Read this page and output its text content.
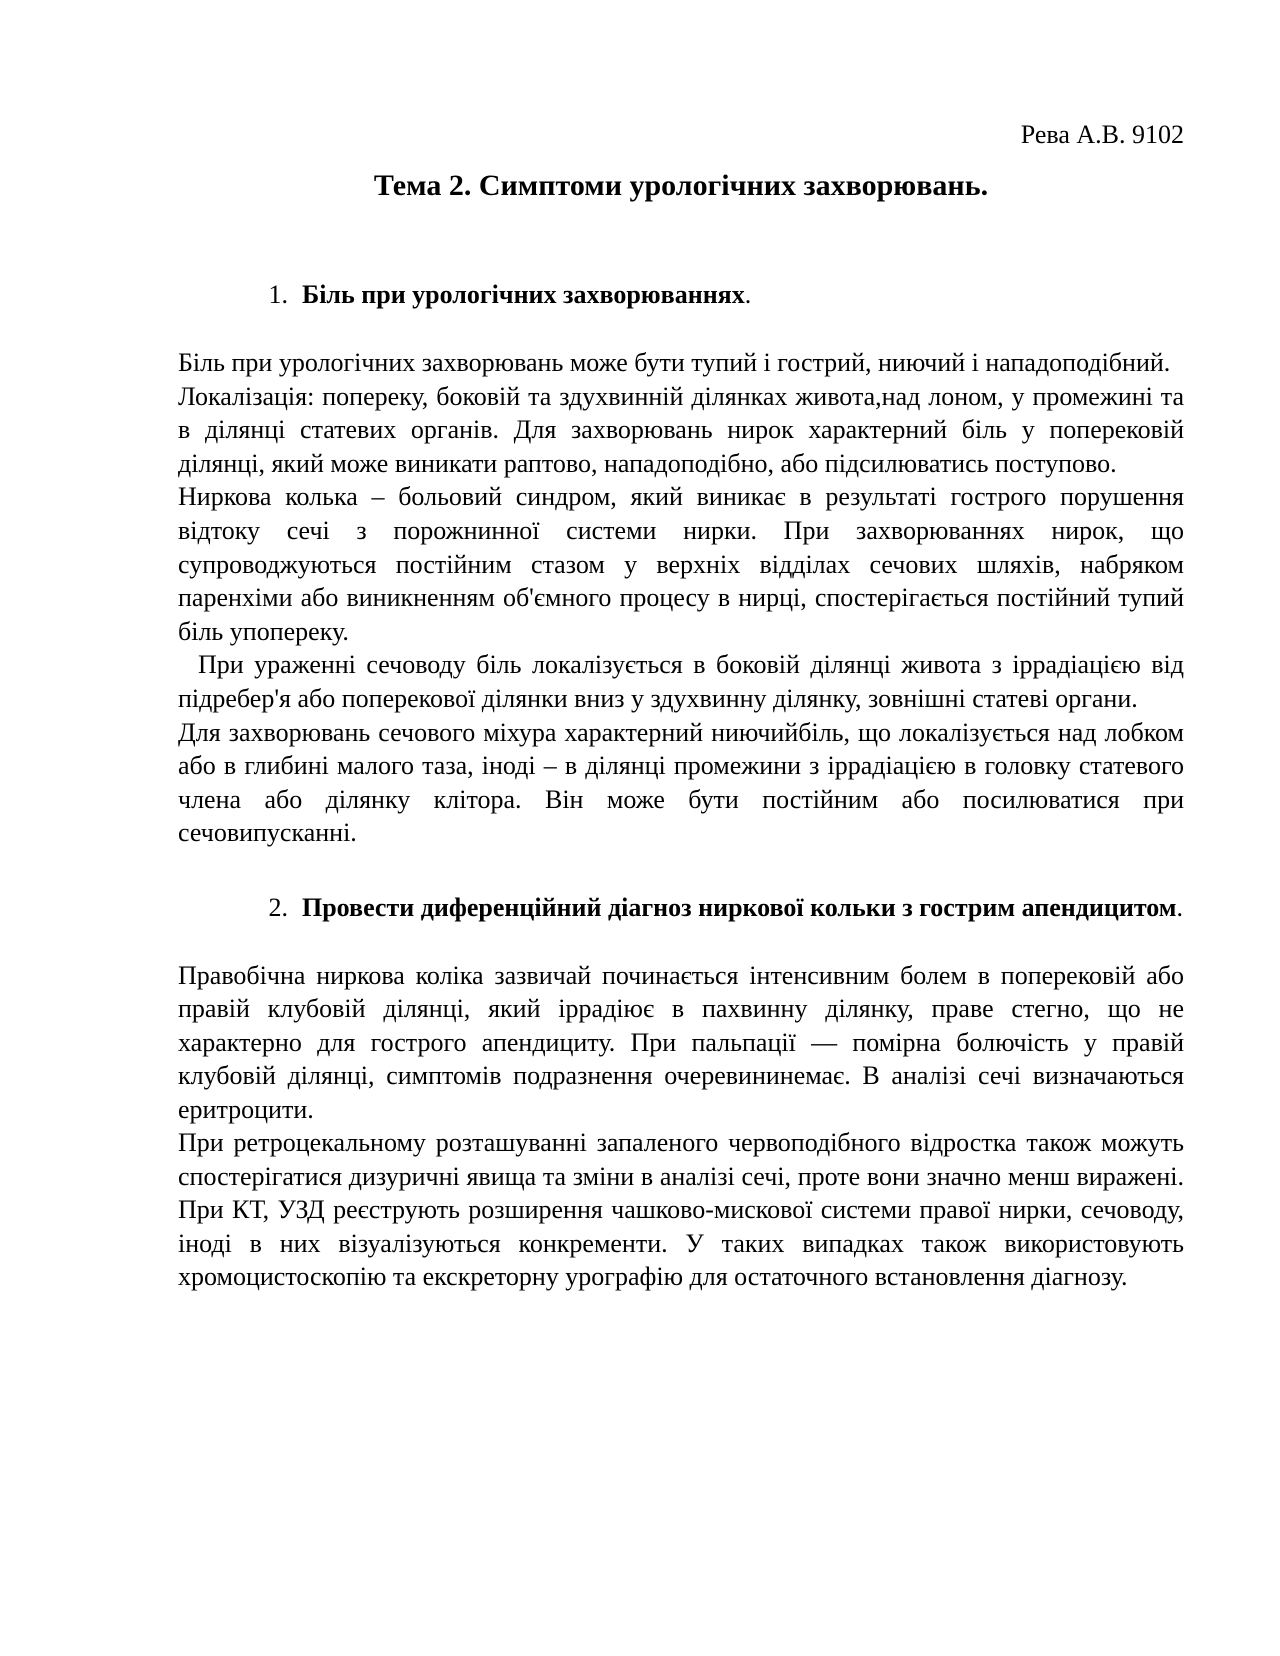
Рева А.В. 9102

Тема 2. Симптоми урологічних захворювань.
1. Біль при урологічних захворюваннях.

Біль при урологічних захворювань може бути тупий і гострий, ниючий і нападоподібний.

Локалізація: попереку, боковій та здухвинній ділянках живота,над лоном, у промежині та в ділянці статевих органів. Для захворювань нирок характерний біль у поперековій ділянці, який може виникати раптово, нападоподібно, або підсилюватись поступово.

Ниркова колька – больовий синдром, який виникає в результаті гострого порушення відтоку сечі з порожнинної системи нирки. При захворюваннях нирок, що супроводжуються постійним стазом у верхніх відділах сечових шляхів, набряком паренхіми або виникненням об'ємного процесу в нирці, спостерігається постійний тупий біль упопереку.

При ураженні сечоводу біль локалізується в боковій ділянці живота з іррадіацією від підребер'я або поперекової ділянки вниз у здухвинну ділянку, зовнішні статеві органи.

Для захворювань сечового міхура характерний ниючийбіль, що локалізується над лобком або в глибині малого таза, іноді – в ділянці промежини з іррадіацією в головку статевого члена або ділянку клітора. Він може бути постійним або посилюватися при сечовипусканні.

2. Провести диференційний діагноз ниркової кольки з гострим апендицитом.

Правобічна ниркова коліка зазвичай починається інтенсивним болем в поперековій або правій клубовій ділянці, який іррадіює в пахвинну ділянку, праве стегно, що не характерно для гострого апендициту. При пальпації — помірна болючість у правій клубовій ділянці, симптомів подразнення очеревининемає. В аналізі сечі визначаються еритроцити.

При ретроцекальному розташуванні запаленого червоподібного відростка також можуть спостерігатися дизуричні явища та зміни в аналізі сечі, проте вони значно менш виражені. При КТ, УЗД реєструють розширення чашково-мискової системи правої нирки, сечоводу, іноді в них візуалізуються конкременти. У таких випадках також використовують хромоцистоскопію та екскреторну урографію для остаточного встановлення діагнозу.
